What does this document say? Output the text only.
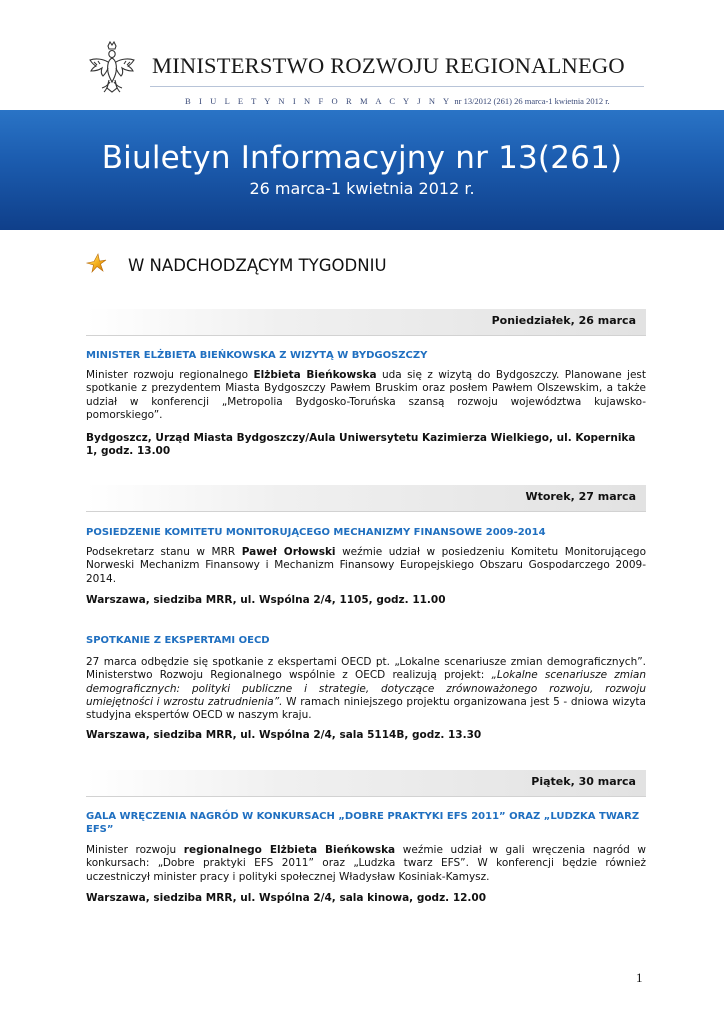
MINISTERSTWO ROZWOJU REGIONALNEGO
B I U L E T Y N I N F O R M A C Y J N Y nr 13/2012 (261) 26 marca-1 kwietnia 2012 r.
Biuletyn Informacyjny nr 13(261)
26 marca-1 kwietnia 2012 r.
W NADCHODZĄCYM TYGODNIU
Poniedziałek, 26 marca
MINISTER ELŻBIETA BIEŃKOWSKA Z WIZYTĄ W BYDGOSZCZY
Minister rozwoju regionalnego Elżbieta Bieńkowska uda się z wizytą do Bydgoszczy. Planowane jest spotkanie z prezydentem Miasta Bydgoszczy Pawłem Bruskim oraz posłem Pawłem Olszewskim, a także udział w konferencji „Metropolia Bydgosko-Toruńska szansą rozwoju województwa kujawsko-pomorskiego”.
Bydgoszcz, Urząd Miasta Bydgoszczy/Aula Uniwersytetu Kazimierza Wielkiego, ul. Kopernika 1, godz. 13.00
Wtorek, 27 marca
POSIEDZENIE KOMITETU MONITORUJĄCEGO MECHANIZMY FINANSOWE 2009-2014
Podsekretarz stanu w MRR Paweł Orłowski weźmie udział w posiedzeniu Komitetu Monitorującego Norweski Mechanizm Finansowy i Mechanizm Finansowy Europejskiego Obszaru Gospodarczego 2009-2014.
Warszawa, siedziba MRR, ul. Wspólna 2/4, 1105, godz. 11.00
SPOTKANIE Z EKSPERTAMI OECD
27 marca odbędzie się spotkanie z ekspertami OECD pt. „Lokalne scenariusze zmian demograficznych”. Ministerstwo Rozwoju Regionalnego wspólnie z OECD realizują projekt: „Lokalne scenariusze zmian demograficznych: polityki publiczne i strategie, dotyczące zrównoważonego rozwoju, rozwoju umiejętności i wzrostu zatrudnienia”. W ramach niniejszego projektu organizowana jest 5 - dniowa wizyta studyjna ekspertów OECD w naszym kraju.
Warszawa, siedziba MRR, ul. Wspólna 2/4, sala 5114B, godz. 13.30
Piątek, 30 marca
GALA WRĘCZENIA NAGRÓD W KONKURSACH „DOBRE PRAKTYKI EFS 2011” ORAZ „LUDZKA TWARZ EFS”
Minister rozwoju regionalnego Elżbieta Bieńkowska weźmie udział w gali wręczenia nagród w konkursach: „Dobre praktyki EFS 2011” oraz „Ludzka twarz EFS”. W konferencji będzie również uczestniczył minister pracy i polityki społecznej Władysław Kosiniak-Kamysz.
Warszawa, siedziba MRR, ul. Wspólna 2/4, sala kinowa, godz. 12.00
1
